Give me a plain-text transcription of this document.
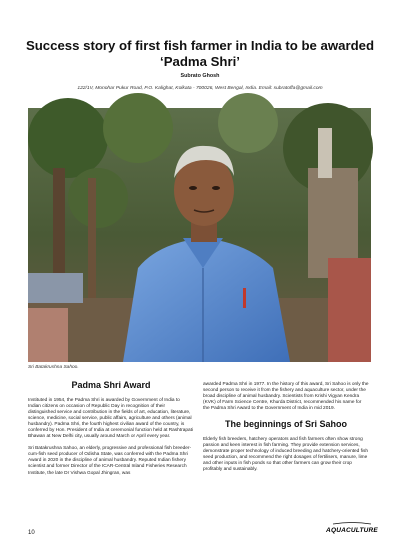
Success story of first fish farmer in India to be awarded ‘Padma Shri’
Subrato Ghosh
122/1V, Monohar Pukur Road, P.O. Kalighat, Kolkata - 700026, West Bengal, India. Email: subratoffa@gmail.com
Sri Batakrushna Sahoo.
Padma Shri Award

Instituted in 1954, the Padma Shri is awarded by Government of India to Indian citizens on occasion of Republic Day in recognition of their distinguished service and contribution in the fields of art, education, literature, science, medicine, social service, public affairs, agriculture and others (animal husbandry). Padma Shri, the fourth highest civilian award of the country, is conferred by Hon. President of India at ceremonial function held at Rashtrapati Bhawan at New Delhi city, usually around March or April every year.

Sri Batakrushna Sahoo, an elderly, progressive and professional fish breeder-cum-fish seed producer of Odisha State, was conferred with the Padma Shri Award in 2020 in the discipline of animal husbandry. Reputed Indian fishery scientist and former Director of the ICAR-Central Inland Fisheries Research Institute, the late Dr Vishwa Gopal Jhingran, was

awarded Padma Shri in 1977. In the history of this award, Sri Sahoo is only the second person to receive it from the fishery and aquaculture sector, under the broad discipline of animal husbandry. Scientists from Krishi Vigyan Kendra (KVK) of Farm Science Centre, Khurda District, recommended his name for the Padma Shri Award to the Government of India in mid 2019.

The beginnings of Sri Sahoo

Elderly fish breeders, hatchery operators and fish farmers often show strong passion and keen interest in fish farming. They provide extension services, demonstrate proper technology of induced breeding and hatchery-oriented fish seed production, and recommend the right dosages of fertilisers, manure, lime and other inputs in fish ponds so that other farmers can grow their crop profitably and sustainably.

10	AQUACULTURE
